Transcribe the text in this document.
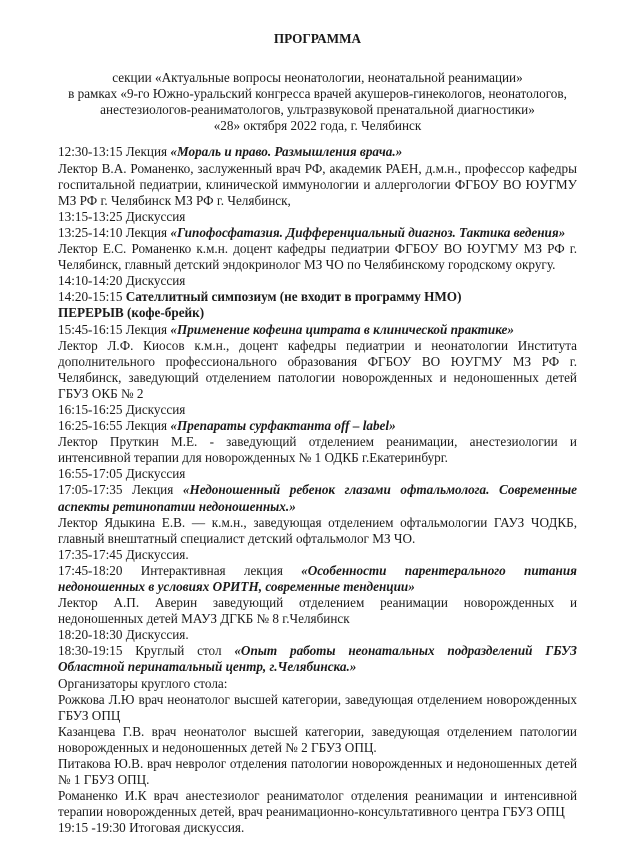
ПРОГРАММА
секции «Актуальные вопросы неонатологии, неонатальной реанимации»
в рамках «9-го Южно-уральский конгресса врачей акушеров-гинекологов, неонатологов,
анестезиологов-реаниматологов, ультразвуковой пренатальной диагностики»
«28» октября 2022 года, г. Челябинск

12:30-13:15 Лекция «Мораль и право. Размышления врача.»

Лектор В.А. Романенко, заслуженный врач РФ, академик РАЕН, д.м.н., профессор кафедры госпитальной педиатрии, клинической иммунологии и аллергологии ФГБОУ ВО ЮУГМУ МЗ РФ г. Челябинск МЗ РФ г. Челябинск,

13:15-13:25 Дискуссия

13:25-14:10 Лекция «Гипофосфатазия. Дифференциальный диагноз. Тактика ведения»

Лектор Е.С. Романенко к.м.н. доцент кафедры педиатрии ФГБОУ ВО ЮУГМУ МЗ РФ г. Челябинск, главный детский эндокринолог МЗ ЧО по Челябинскому городскому округу.

14:10-14:20 Дискуссия

14:20-15:15 Сателлитный симпозиум (не входит в программу НМО)

ПЕРЕРЫВ (кофе-брейк)

15:45-16:15 Лекция «Применение кофеина цитрата в клинической практике»

Лектор Л.Ф. Киосов к.м.н., доцент кафедры педиатрии и неонатологии Института дополнительного профессионального образования ФГБОУ ВО ЮУГМУ МЗ РФ г. Челябинск, заведующий отделением патологии новорожденных и недоношенных детей ГБУЗ ОКБ № 2

16:15-16:25 Дискуссия

16:25-16:55 Лекция «Препараты сурфактанта off – label»

Лектор Пруткин М.Е. - заведующий отделением реанимации, анестезиологии и интенсивной терапии для новорожденных № 1 ОДКБ г.Екатеринбург.

16:55-17:05 Дискуссия

17:05-17:35 Лекция «Недоношенный ребенок глазами офтальмолога. Современные аспекты ретинопатии недоношенных.»

Лектор Ядыкина Е.В. — к.м.н., заведующая отделением офтальмологии ГАУЗ ЧОДКБ, главный внештатный специалист детский офтальмолог МЗ ЧО.

17:35-17:45 Дискуссия.

17:45-18:20 Интерактивная лекция «Особенности парентерального питания недоношенных в условиях ОРИТН, современные тенденции»

Лектор А.П. Аверин заведующий отделением реанимации новорожденных и недоношенных детей МАУЗ ДГКБ № 8 г.Челябинск

18:20-18:30 Дискуссия.

18:30-19:15 Круглый стол «Опыт работы неонатальных подразделений ГБУЗ Областной перинатальный центр, г.Челябинска.»

Организаторы круглого стола:

Рожкова Л.Ю врач неонатолог высшей категории, заведующая отделением новорожденных ГБУЗ ОПЦ

Казанцева Г.В. врач неонатолог высшей категории, заведующая отделением патологии новорожденных и недоношенных детей № 2 ГБУЗ ОПЦ.

Питакова Ю.В. врач невролог отделения патологии новорожденных и недоношенных детей № 1 ГБУЗ ОПЦ.

Романенко И.К врач анестезиолог реаниматолог отделения реанимации и интенсивной терапии новорожденных детей, врач реанимационно-консультативного центра ГБУЗ ОПЦ

19:15 -19:30 Итоговая дискуссия.
